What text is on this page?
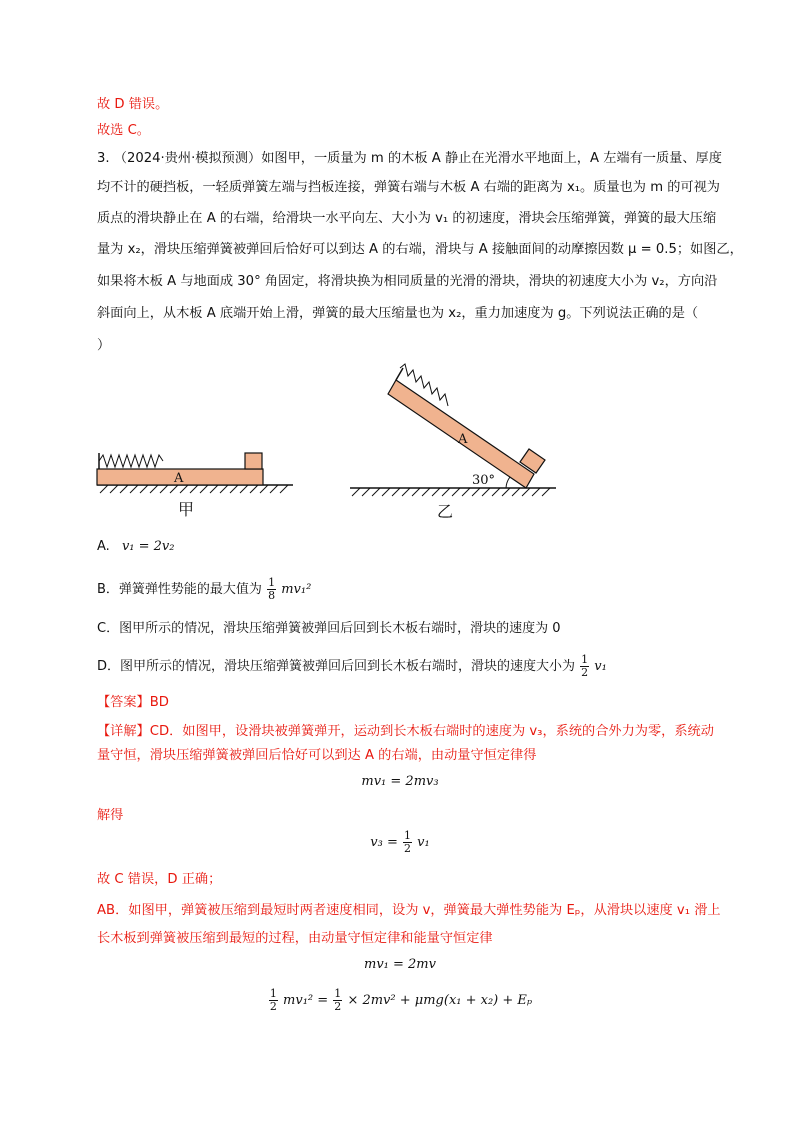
故 D 错误。
故选 C。
3. （2024·贵州·模拟预测）如图甲，一质量为 m 的木板 A 静止在光滑水平地面上，A 左端有一质量、厚度
均不计的硬挡板，一轻质弹簧左端与挡板连接，弹簧右端与木板 A 右端的距离为 x₁。质量也为 m 的可视为
质点的滑块静止在 A 的右端，给滑块一水平向左、大小为 v₁ 的初速度，滑块会压缩弹簧，弹簧的最大压缩
量为 x₂，滑块压缩弹簧被弹回后恰好可以到达 A 的右端，滑块与 A 接触面间的动摩擦因数 μ = 0.5；如图乙，
如果将木板 A 与地面成 30° 角固定，将滑块换为相同质量的光滑的滑块，滑块的初速度大小为 v₂，方向沿
斜面向上，从木板 A 底端开始上滑，弹簧的最大压缩量也为 x₂，重力加速度为 g。下列说法正确的是（
）
A
甲
A
30°
乙
A. v₁ = 2v₂
B．弹簧弹性势能的最大值为 $\frac{1}{8} mv_1^2$
C．图甲所示的情况，滑块压缩弹簧被弹回后回到长木板右端时，滑块的速度为 0
D．图甲所示的情况，滑块压缩弹簧被弹回后回到长木板右端时，滑块的速度大小为 $\frac{1}{2} v_1$
【答案】BD
【详解】CD．如图甲，设滑块被弹簧弹开，运动到长木板右端时的速度为 v₃，系统的合外力为零，系统动
量守恒，滑块压缩弹簧被弹回后恰好可以到达 A 的右端，由动量守恒定律得
mv₁ = 2mv₃
解得
$v_3 = \frac{1}{2} v_1$
故 C 错误，D 正确；
AB．如图甲，弹簧被压缩到最短时两者速度相同，设为 v，弹簧最大弹性势能为 Eₚ，从滑块以速度 v₁ 滑上
长木板到弹簧被压缩到最短的过程，由动量守恒定律和能量守恒定律
mv₁ = 2mv
$\frac{1}{2} mv_1^2 = \frac{1}{2} \times 2mv^2 + \mu mg(x_1 + x_2) + E_p$
